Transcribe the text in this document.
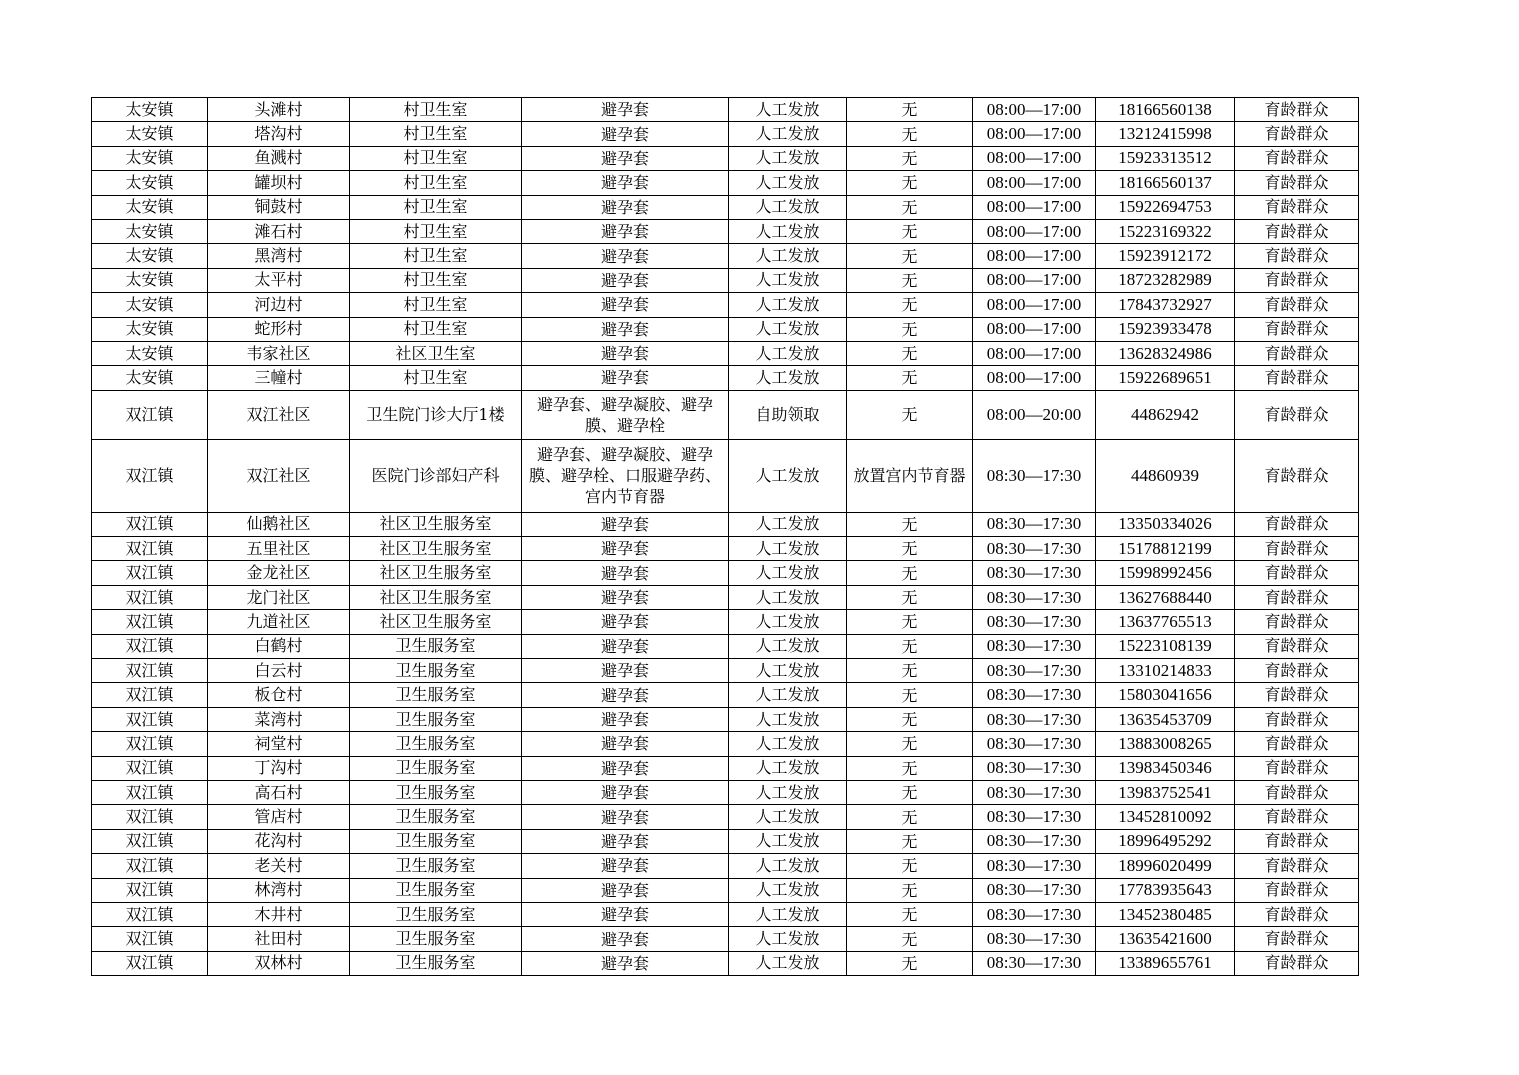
太安镇	头滩村	村卫生室	避孕套	人工发放	无	08:00—17:00	18166560138	育龄群众
太安镇	塔沟村	村卫生室	避孕套	人工发放	无	08:00—17:00	13212415998	育龄群众
太安镇	鱼溅村	村卫生室	避孕套	人工发放	无	08:00—17:00	15923313512	育龄群众
太安镇	罐坝村	村卫生室	避孕套	人工发放	无	08:00—17:00	18166560137	育龄群众
太安镇	铜鼓村	村卫生室	避孕套	人工发放	无	08:00—17:00	15922694753	育龄群众
太安镇	滩石村	村卫生室	避孕套	人工发放	无	08:00—17:00	15223169322	育龄群众
太安镇	黑湾村	村卫生室	避孕套	人工发放	无	08:00—17:00	15923912172	育龄群众
太安镇	太平村	村卫生室	避孕套	人工发放	无	08:00—17:00	18723282989	育龄群众
太安镇	河边村	村卫生室	避孕套	人工发放	无	08:00—17:00	17843732927	育龄群众
太安镇	蛇形村	村卫生室	避孕套	人工发放	无	08:00—17:00	15923933478	育龄群众
太安镇	韦家社区	社区卫生室	避孕套	人工发放	无	08:00—17:00	13628324986	育龄群众
太安镇	三幢村	村卫生室	避孕套	人工发放	无	08:00—17:00	15922689651	育龄群众
双江镇	双江社区	卫生院门诊大厅1楼	避孕套、避孕凝胶、避孕膜、避孕栓	自助领取	无	08:00—20:00	44862942	育龄群众
双江镇	双江社区	医院门诊部妇产科	避孕套、避孕凝胶、避孕膜、避孕栓、口服避孕药、宫内节育器	人工发放	放置宫内节育器	08:30—17:30	44860939	育龄群众
双江镇	仙鹅社区	社区卫生服务室	避孕套	人工发放	无	08:30—17:30	13350334026	育龄群众
双江镇	五里社区	社区卫生服务室	避孕套	人工发放	无	08:30—17:30	15178812199	育龄群众
双江镇	金龙社区	社区卫生服务室	避孕套	人工发放	无	08:30—17:30	15998992456	育龄群众
双江镇	龙门社区	社区卫生服务室	避孕套	人工发放	无	08:30—17:30	13627688440	育龄群众
双江镇	九道社区	社区卫生服务室	避孕套	人工发放	无	08:30—17:30	13637765513	育龄群众
双江镇	白鹤村	卫生服务室	避孕套	人工发放	无	08:30—17:30	15223108139	育龄群众
双江镇	白云村	卫生服务室	避孕套	人工发放	无	08:30—17:30	13310214833	育龄群众
双江镇	板仓村	卫生服务室	避孕套	人工发放	无	08:30—17:30	15803041656	育龄群众
双江镇	菜湾村	卫生服务室	避孕套	人工发放	无	08:30—17:30	13635453709	育龄群众
双江镇	祠堂村	卫生服务室	避孕套	人工发放	无	08:30—17:30	13883008265	育龄群众
双江镇	丁沟村	卫生服务室	避孕套	人工发放	无	08:30—17:30	13983450346	育龄群众
双江镇	高石村	卫生服务室	避孕套	人工发放	无	08:30—17:30	13983752541	育龄群众
双江镇	管店村	卫生服务室	避孕套	人工发放	无	08:30—17:30	13452810092	育龄群众
双江镇	花沟村	卫生服务室	避孕套	人工发放	无	08:30—17:30	18996495292	育龄群众
双江镇	老关村	卫生服务室	避孕套	人工发放	无	08:30—17:30	18996020499	育龄群众
双江镇	林湾村	卫生服务室	避孕套	人工发放	无	08:30—17:30	17783935643	育龄群众
双江镇	木井村	卫生服务室	避孕套	人工发放	无	08:30—17:30	13452380485	育龄群众
双江镇	社田村	卫生服务室	避孕套	人工发放	无	08:30—17:30	13635421600	育龄群众
双江镇	双林村	卫生服务室	避孕套	人工发放	无	08:30—17:30	13389655761	育龄群众
